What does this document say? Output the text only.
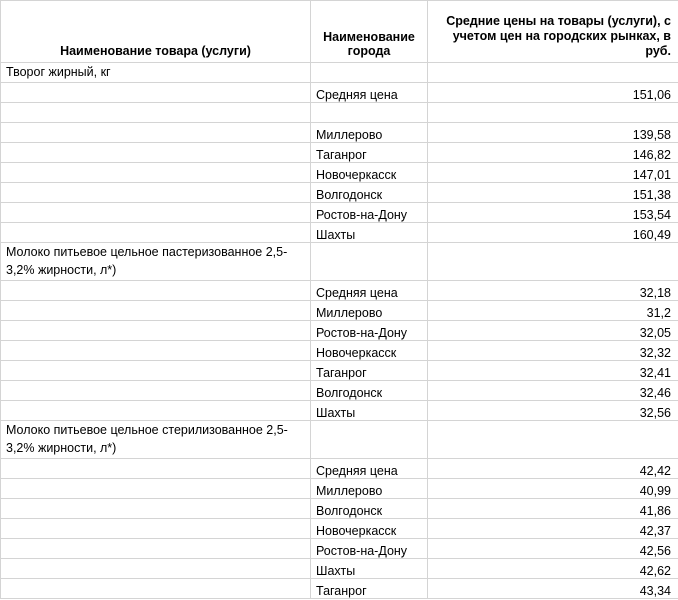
Наименование товара (услуги)	Наименование города	Средние цены на товары (услуги), с учетом цен на городских рынках, в руб.
Творог жирный, кг		
	Средняя цена	151,06

	Миллерово	139,58
	Таганрог	146,82
	Новочеркасск	147,01
	Волгодонск	151,38
	Ростов-на-Дону	153,54
	Шахты	160,49
Молоко питьевое цельное пастеризованное 2,5-3,2% жирности, л*)		
	Средняя цена	32,18
	Миллерово	31,2
	Ростов-на-Дону	32,05
	Новочеркасск	32,32
	Таганрог	32,41
	Волгодонск	32,46
	Шахты	32,56
Молоко питьевое цельное стерилизованное 2,5-3,2% жирности, л*)		
	Средняя цена	42,42
	Миллерово	40,99
	Волгодонск	41,86
	Новочеркасск	42,37
	Ростов-на-Дону	42,56
	Шахты	42,62
	Таганрог	43,34
